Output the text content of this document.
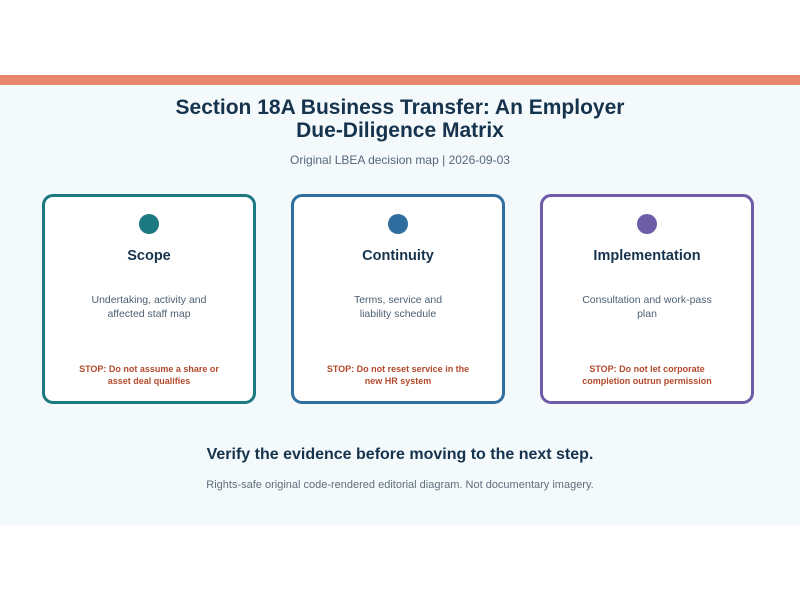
Section 18A Business Transfer: An Employer
Due-Diligence Matrix
Original LBEA decision map | 2026-09-03
Scope
Undertaking, activity and
affected staff map
STOP: Do not assume a share or
asset deal qualifies
Continuity
Terms, service and
liability schedule
STOP: Do not reset service in the
new HR system
Implementation
Consultation and work-pass
plan
STOP: Do not let corporate
completion outrun permission
Verify the evidence before moving to the next step.
Rights-safe original code-rendered editorial diagram. Not documentary imagery.
